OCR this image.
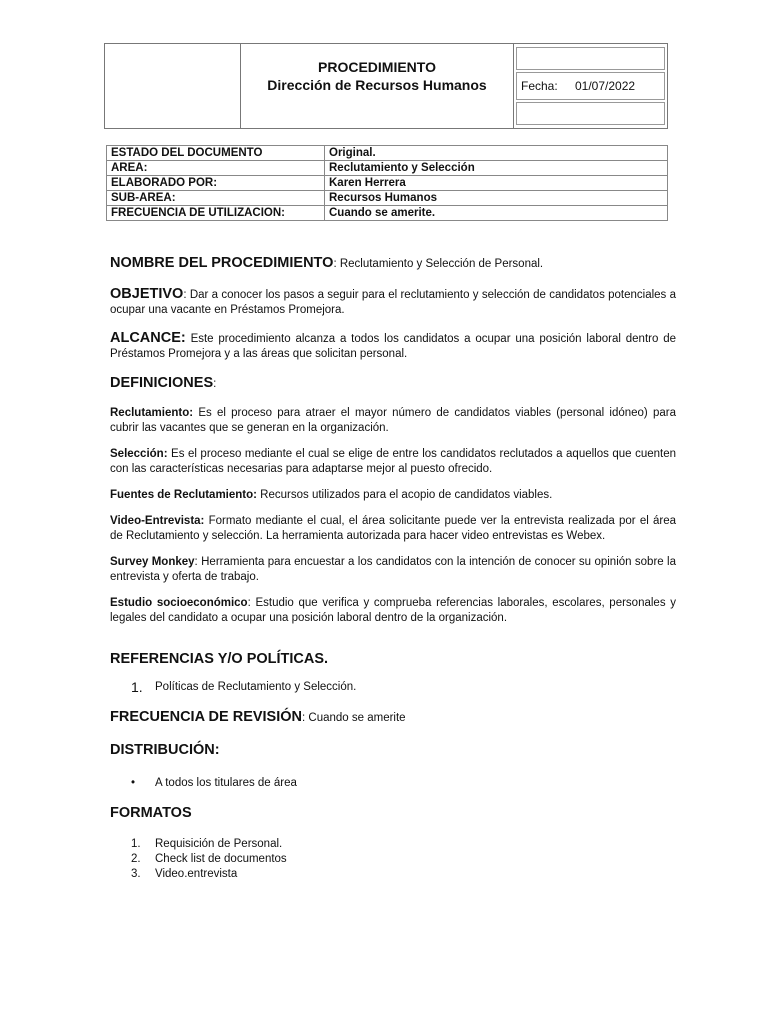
PROCEDIMIENTO
Dirección de Recursos Humanos	Fecha:	01/07/2022
ESTADO DEL DOCUMENTO	Original.
AREA:	Reclutamiento y Selección
ELABORADO POR:	Karen Herrera
SUB-AREA:	Recursos Humanos
FRECUENCIA DE UTILIZACION:	Cuando se amerite.

NOMBRE DEL PROCEDIMIENTO: Reclutamiento y Selección de Personal.

OBJETIVO: Dar a conocer los pasos a seguir para el reclutamiento y selección de candidatos potenciales a ocupar una vacante en Préstamos Promejora.

ALCANCE: Este procedimiento alcanza a todos los candidatos a ocupar una posición laboral dentro de Préstamos Promejora y a las áreas que solicitan personal.

DEFINICIONES:

Reclutamiento: Es el proceso para atraer el mayor número de candidatos viables (personal idóneo) para cubrir las vacantes que se generan en la organización.

Selección: Es el proceso mediante el cual se elige de entre los candidatos reclutados a aquellos que cuenten con las características necesarias para adaptarse mejor al puesto ofrecido.

Fuentes de Reclutamiento: Recursos utilizados para el acopio de candidatos viables.

Video-Entrevista: Formato mediante el cual, el área solicitante puede ver la entrevista realizada por el área de Reclutamiento y selección. La herramienta autorizada para hacer video entrevistas es Webex.

Survey Monkey: Herramienta para encuestar a los candidatos con la intención de conocer su opinión sobre la entrevista y oferta de trabajo.

Estudio socioeconómico: Estudio que verifica y comprueba referencias laborales, escolares, personales y legales del candidato a ocupar una posición laboral dentro de la organización.

REFERENCIAS Y/O POLÍTICAS.

1.	Políticas de Reclutamiento y Selección.

FRECUENCIA DE REVISIÓN: Cuando se amerite

DISTRIBUCIÓN:

•	A todos los titulares de área

FORMATOS

1.	Requisición de Personal.
2.	Check list de documentos
3.	Video.entrevista
